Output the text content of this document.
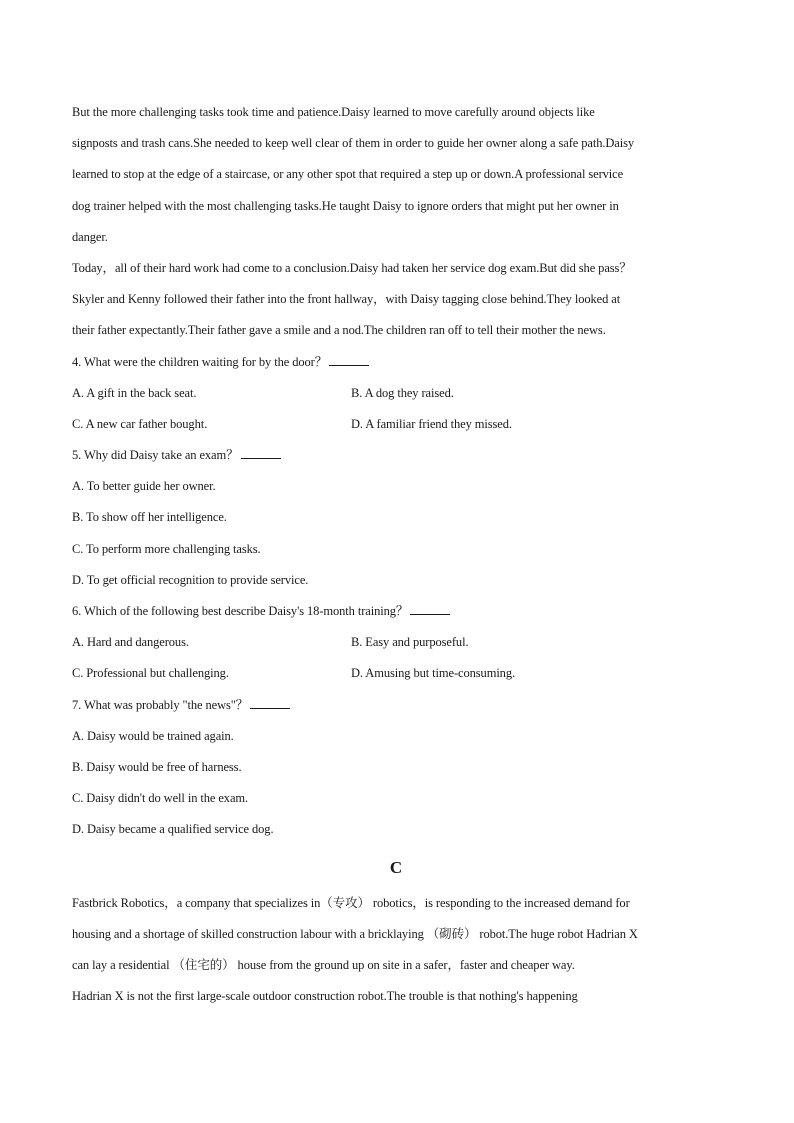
But the more challenging tasks took time and patience.Daisy learned to move carefully around objects like
signposts and trash cans.She needed to keep well clear of them in order to guide her owner along a safe path.Daisy
learned to stop at the edge of a staircase, or any other spot that required a step up or down.A professional service
dog trainer helped with the most challenging tasks.He taught Daisy to ignore orders that might put her owner in
danger.
Today，all of their hard work had come to a conclusion.Daisy had taken her service dog exam.But did she pass？
Skyler and Kenny followed their father into the front hallway，with Daisy tagging close behind.They looked at
their father expectantly.Their father gave a smile and a nod.The children ran off to tell their mother the news.
4. What were the children waiting for by the door？
A. A gift in the back seat.	B. A dog they raised.
C. A new car father bought.	D. A familiar friend they missed.
5. Why did Daisy take an exam？
A. To better guide her owner.
B. To show off her intelligence.
C. To perform more challenging tasks.
D. To get official recognition to provide service.
6. Which of the following best describe Daisy's 18-month training？
A. Hard and dangerous.	B. Easy and purposeful.
C. Professional but challenging.	D. Amusing but time-consuming.
7. What was probably "the news"？
A. Daisy would be trained again.
B. Daisy would be free of harness.
C. Daisy didn't do well in the exam.
D. Daisy became a qualified service dog.
C
Fastbrick Robotics，a company that specializes in（专攻） robotics，is responding to the increased demand for
housing and a shortage of skilled construction labour with a bricklaying （砌砖） robot.The huge robot Hadrian X
can lay a residential （住宅的） house from the ground up on site in a safer，faster and cheaper way.
Hadrian X is not the first large-scale outdoor construction robot.The trouble is that nothing's happening
